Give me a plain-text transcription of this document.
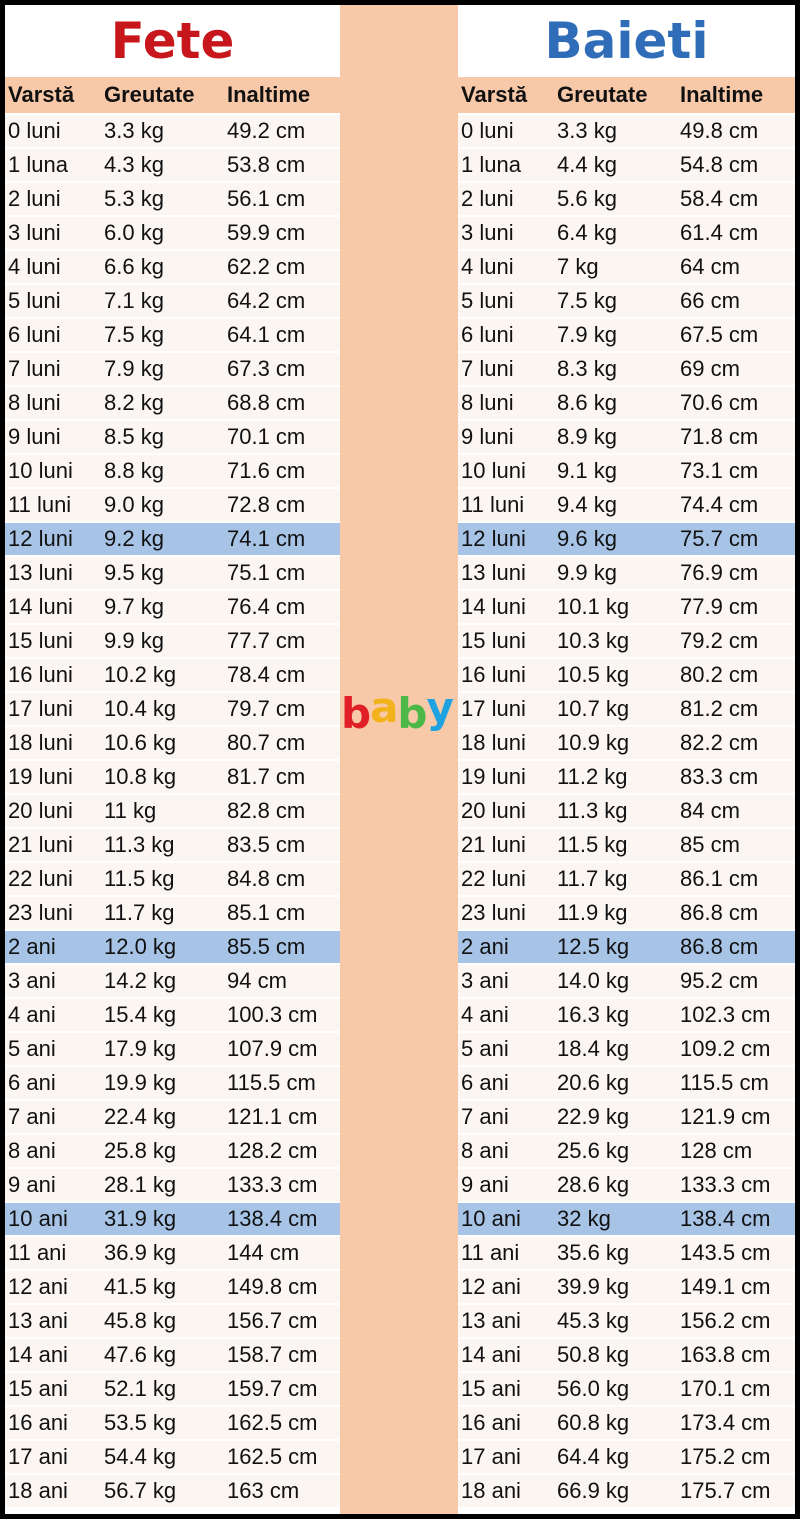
Fete
Varstă	Greutate	Inaltime
0 luni	3.3 kg	49.2 cm
1 luna	4.3 kg	53.8 cm
2 luni	5.3 kg	56.1 cm
3 luni	6.0 kg	59.9 cm
4 luni	6.6 kg	62.2 cm
5 luni	7.1 kg	64.2 cm
6 luni	7.5 kg	64.1 cm
7 luni	7.9 kg	67.3 cm
8 luni	8.2 kg	68.8 cm
9 luni	8.5 kg	70.1 cm
10 luni	8.8 kg	71.6 cm
11 luni	9.0 kg	72.8 cm
12 luni	9.2 kg	74.1 cm
13 luni	9.5 kg	75.1 cm
14 luni	9.7 kg	76.4 cm
15 luni	9.9 kg	77.7 cm
16 luni	10.2 kg	78.4 cm
17 luni	10.4 kg	79.7 cm
18 luni	10.6 kg	80.7 cm
19 luni	10.8 kg	81.7 cm
20 luni	11 kg	82.8 cm
21 luni	11.3 kg	83.5 cm
22 luni	11.5 kg	84.8 cm
23 luni	11.7 kg	85.1 cm
2 ani	12.0 kg	85.5 cm
3 ani	14.2 kg	94 cm
4 ani	15.4 kg	100.3 cm
5 ani	17.9 kg	107.9 cm
6 ani	19.9 kg	115.5 cm
7 ani	22.4 kg	121.1 cm
8 ani	25.8 kg	128.2 cm
9 ani	28.1 kg	133.3 cm
10 ani	31.9 kg	138.4 cm
11 ani	36.9 kg	144 cm
12 ani	41.5 kg	149.8 cm
13 ani	45.8 kg	156.7 cm
14 ani	47.6 kg	158.7 cm
15 ani	52.1 kg	159.7 cm
16 ani	53.5 kg	162.5 cm
17 ani	54.4 kg	162.5 cm
18 ani	56.7 kg	163 cm
Baieti
Varstă	Greutate	Inaltime
0 luni	3.3 kg	49.8 cm
1 luna	4.4 kg	54.8 cm
2 luni	5.6 kg	58.4 cm
3 luni	6.4 kg	61.4 cm
4 luni	7 kg	64 cm
5 luni	7.5 kg	66 cm
6 luni	7.9 kg	67.5 cm
7 luni	8.3 kg	69 cm
8 luni	8.6 kg	70.6 cm
9 luni	8.9 kg	71.8 cm
10 luni	9.1 kg	73.1 cm
11 luni	9.4 kg	74.4 cm
12 luni	9.6 kg	75.7 cm
13 luni	9.9 kg	76.9 cm
14 luni	10.1 kg	77.9 cm
15 luni	10.3 kg	79.2 cm
16 luni	10.5 kg	80.2 cm
17 luni	10.7 kg	81.2 cm
18 luni	10.9 kg	82.2 cm
19 luni	11.2 kg	83.3 cm
20 luni	11.3 kg	84 cm
21 luni	11.5 kg	85 cm
22 luni	11.7 kg	86.1 cm
23 luni	11.9 kg	86.8 cm
2 ani	12.5 kg	86.8 cm
3 ani	14.0 kg	95.2 cm
4 ani	16.3 kg	102.3 cm
5 ani	18.4 kg	109.2 cm
6 ani	20.6 kg	115.5 cm
7 ani	22.9 kg	121.9 cm
8 ani	25.6 kg	128 cm
9 ani	28.6 kg	133.3 cm
10 ani	32 kg	138.4 cm
11 ani	35.6 kg	143.5 cm
12 ani	39.9 kg	149.1 cm
13 ani	45.3 kg	156.2 cm
14 ani	50.8 kg	163.8 cm
15 ani	56.0 kg	170.1 cm
16 ani	60.8 kg	173.4 cm
17 ani	64.4 kg	175.2 cm
18 ani	66.9 kg	175.7 cm
b a b y
